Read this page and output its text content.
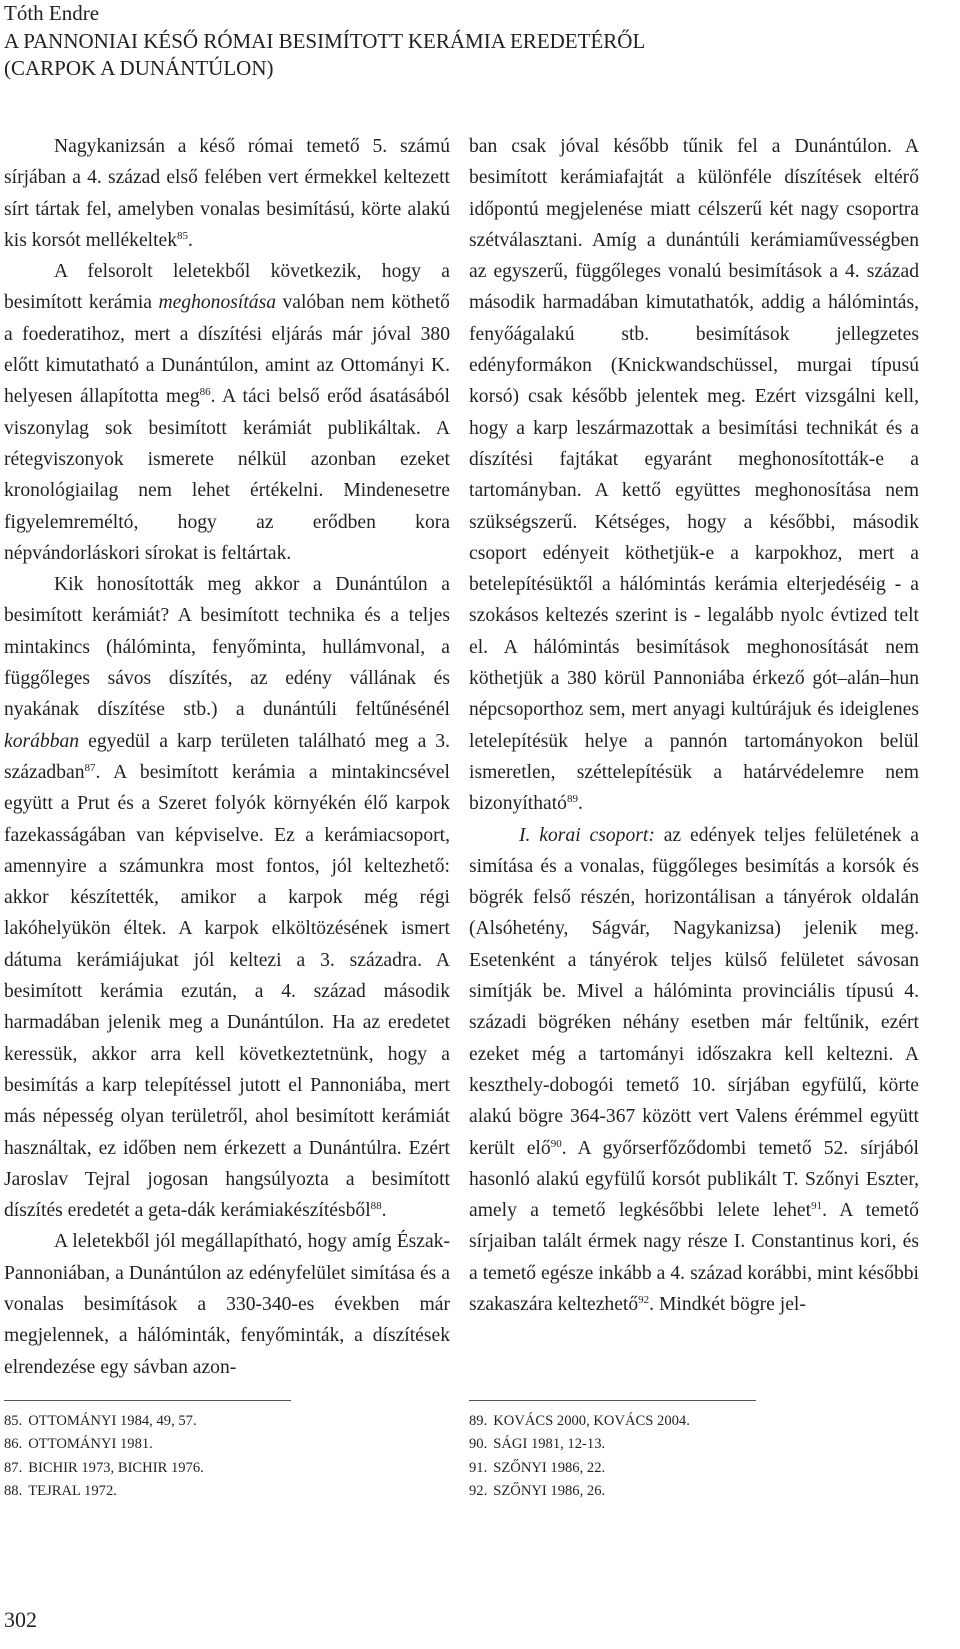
Tóth Endre
A PANNONIAI KÉSŐ RÓMAI BESIMÍTOTT KERÁMIA EREDETÉRŐL
(CARPOK A DUNÁNTÚLON)

Nagykanizsán a késő római temető 5. számú sírjában a 4. század első felében vert érmekkel keltezett sírt tártak fel, amelyben vonalas besimítású, körte alakú kis korsót mellékeltek$^{85}$.

A felsorolt leletekből következik, hogy a besimított kerámia meghonosítása valóban nem köthető a foederatihoz, mert a díszítési eljárás már jóval 380 előtt kimutatható a Dunántúlon, amint az Ottományi K. helyesen állapította meg$^{86}$. A táci belső erőd ásatásából viszonylag sok besimított kerámiát publikáltak. A rétegviszonyok ismerete nélkül azonban ezeket kronológiailag nem lehet értékelni. Mindenesetre figyelemreméltó, hogy az erődben kora népvándorláskori sírokat is feltártak.

Kik honosították meg akkor a Dunántúlon a besimított kerámiát? A besimított technika és a teljes mintakincs (hálóminta, fenyőminta, hullámvonal, a függőleges sávos díszítés, az edény vállának és nyakának díszítése stb.) a dunántúli feltűnésénél korábban egyedül a karp területen található meg a 3. században$^{87}$. A besimított kerámia a mintakincsével együtt a Prut és a Szeret folyók környékén élő karpok fazekasságában van képviselve. Ez a kerámiacsoport, amennyire a számunkra most fontos, jól keltezhető: akkor készítették, amikor a karpok még régi lakóhelyükön éltek. A karpok elköltözésének ismert dátuma kerámiájukat jól keltezi a 3. századra. A besimított kerámia ezután, a 4. század második harmadában jelenik meg a Dunántúlon. Ha az eredetet keressük, akkor arra kell következtetnünk, hogy a besimítás a karp telepítéssel jutott el Pannoniába, mert más népesség olyan területről, ahol besimított kerámiát használtak, ez időben nem érkezett a Dunántúlra. Ezért Jaroslav Tejral jogosan hangsúlyozta a besimított díszítés eredetét a geta-dák kerámiakészítésből$^{88}$.

A leletekből jól megállapítható, hogy amíg Észak-Pannoniában, a Dunántúlon az edényfelület simítása és a vonalas besimítások a 330-340-es években már megjelennek, a hálóminták, fenyőminták, a díszítések elrendezése egy sávban azon-

ban csak jóval később tűnik fel a Dunántúlon. A besimított kerámiafajtát a különféle díszítések eltérő időpontú megjelenése miatt célszerű két nagy csoportra szétválasztani. Amíg a dunántúli kerámiaművességben az egyszerű, függőleges vonalú besimítások a 4. század második harmadában kimutathatók, addig a hálómintás, fenyőágalakú stb. besimítások jellegzetes edényformákon (Knickwandschüssel, murgai típusú korsó) csak később jelentek meg. Ezért vizsgálni kell, hogy a karp leszármazottak a besimítási technikát és a díszítési fajtákat egyaránt meghonosították-e a tartományban. A kettő együttes meghonosítása nem szükségszerű. Kétséges, hogy a későbbi, második csoport edényeit köthetjük-e a karpokhoz, mert a betelepítésüktől a hálómintás kerámia elterjedéséig - a szokásos keltezés szerint is - legalább nyolc évtized telt el. A hálómintás besimítások meghonosítását nem köthetjük a 380 körül Pannoniába érkező gót–alán–hun népcsoporthoz sem, mert anyagi kultúrájuk és ideiglenes letelepítésük helye a pannón tartományokon belül ismeretlen, széttelepítésük a határvédelemre nem bizonyítható$^{89}$.

I. korai csoport: az edények teljes felületének a simítása és a vonalas, függőleges besimítás a korsók és bögrék felső részén, horizontálisan a tányérok oldalán (Alsóhetény, Ságvár, Nagykanizsa) jelenik meg. Esetenként a tányérok teljes külső felületet sávosan simítják be. Mivel a hálóminta provinciális típusú 4. századi bögréken néhány esetben már feltűnik, ezért ezeket még a tartományi időszakra kell keltezni. A keszthely-dobogói temető 10. sírjában egyfülű, körte alakú bögre 364-367 között vert Valens érémmel együtt került elő$^{90}$. A győrserfőződombi temető 52. sírjából hasonló alakú egyfülű korsót publikált T. Szőnyi Eszter, amely a temető legkésőbbi lelete lehet$^{91}$. A temető sírjaiban talált érmek nagy része I. Constantinus kori, és a temető egésze inkább a 4. század korábbi, mint későbbi szakaszára keltezhető$^{92}$. Mindkét bögre jel-

85. OTTOMÁNYI 1984, 49, 57.
86. OTTOMÁNYI 1981.
87. BICHIR 1973, BICHIR 1976.
88. TEJRAL 1972.
89. KOVÁCS 2000, KOVÁCS 2004.
90. SÁGI 1981, 12-13.
91. SZŐNYI 1986, 22.
92. SZŐNYI 1986, 26.
302
